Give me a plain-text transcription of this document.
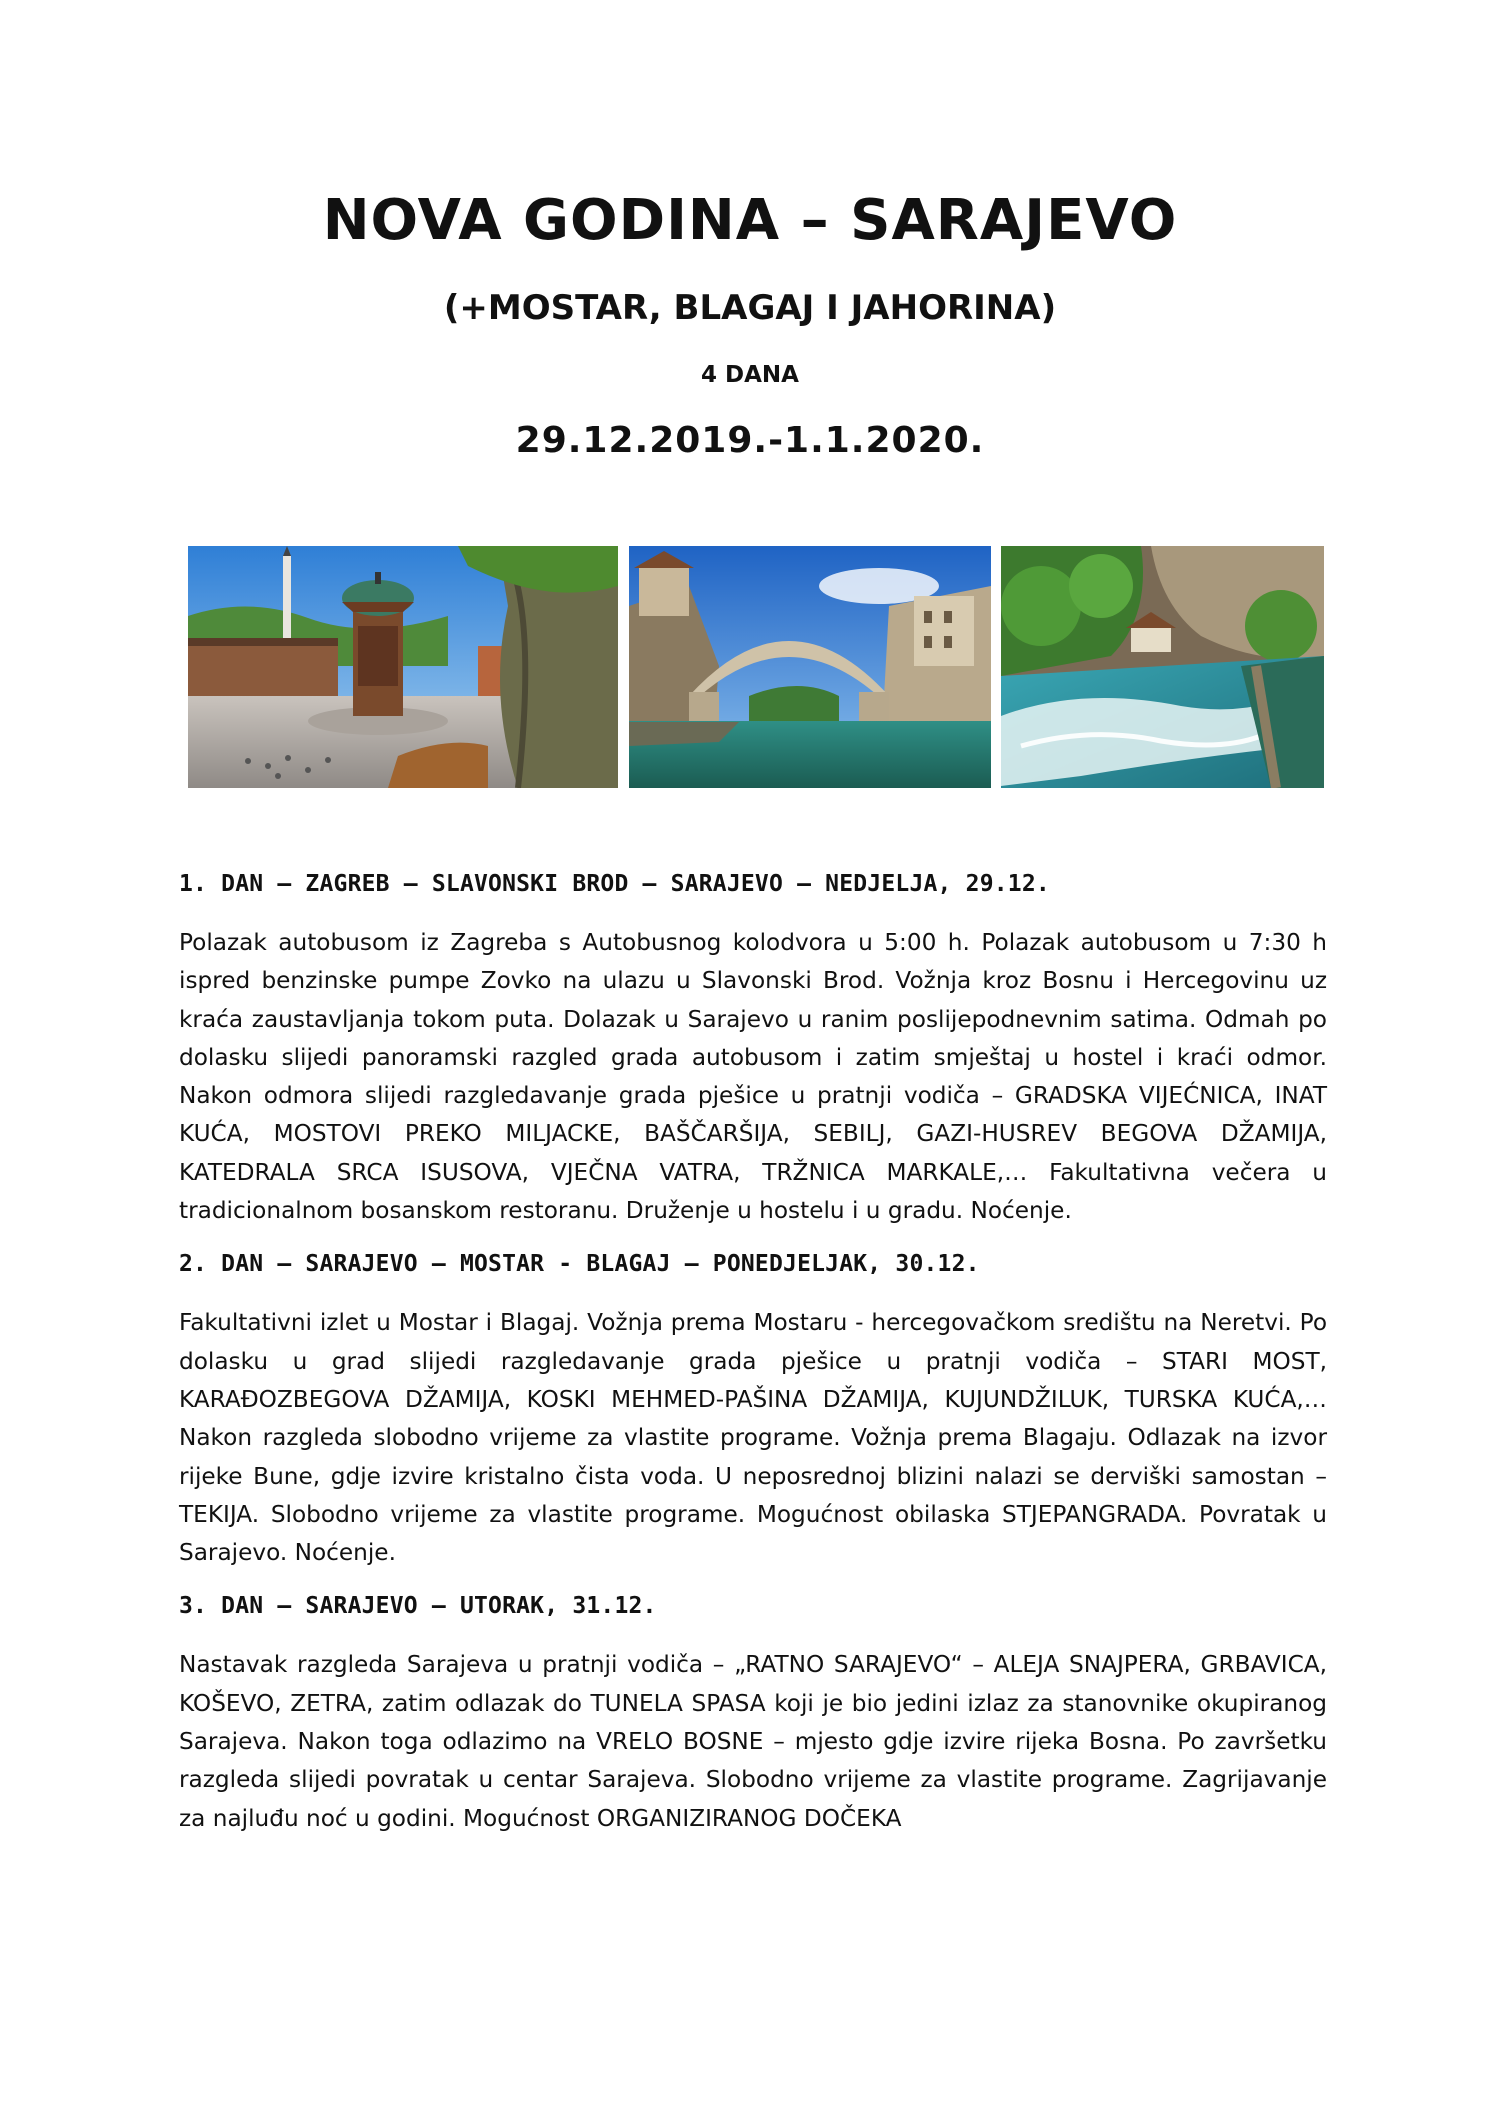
NOVA GODINA – SARAJEVO
(+MOSTAR, BLAGAJ I JAHORINA)
4 DANA
29.12.2019.-1.1.2020.
1. DAN – ZAGREB – SLAVONSKI BROD – SARAJEVO – NEDJELJA, 29.12.
Polazak autobusom iz Zagreba s Autobusnog kolodvora u 5:00 h. Polazak autobusom u 7:30 h ispred benzinske pumpe Zovko na ulazu u Slavonski Brod. Vožnja kroz Bosnu i Hercegovinu uz kraća zaustavljanja tokom puta. Dolazak u Sarajevo u ranim poslijepodnevnim satima. Odmah po dolasku slijedi panoramski razgled grada autobusom i zatim smještaj u hostel i kraći odmor. Nakon odmora slijedi razgledavanje grada pješice u pratnji vodiča – GRADSKA VIJEĆNICA, INAT KUĆA, MOSTOVI PREKO MILJACKE, BAŠČARŠIJA, SEBILJ, GAZI-HUSREV BEGOVA DŽAMIJA, KATEDRALA SRCA ISUSOVA, VJEČNA VATRA, TRŽNICA MARKALE,… Fakultativna večera u tradicionalnom bosanskom restoranu. Druženje u hostelu i u gradu. Noćenje.
2. DAN – SARAJEVO – MOSTAR - BLAGAJ – PONEDJELJAK, 30.12.
Fakultativni izlet u Mostar i Blagaj. Vožnja prema Mostaru - hercegovačkom središtu na Neretvi. Po dolasku u grad slijedi razgledavanje grada pješice u pratnji vodiča – STARI MOST, KARAĐOZBEGOVA DŽAMIJA, KOSKI MEHMED-PAŠINA DŽAMIJA, KUJUNDŽILUK, TURSKA KUĆA,… Nakon razgleda slobodno vrijeme za vlastite programe. Vožnja prema Blagaju. Odlazak na izvor rijeke Bune, gdje izvire kristalno čista voda. U neposrednoj blizini nalazi se derviški samostan – TEKIJA. Slobodno vrijeme za vlastite programe. Mogućnost obilaska STJEPANGRADA. Povratak u Sarajevo. Noćenje.
3. DAN – SARAJEVO – UTORAK, 31.12.
Nastavak razgleda Sarajeva u pratnji vodiča – „RATNO SARAJEVO“ – ALEJA SNAJPERA, GRBAVICA, KOŠEVO, ZETRA, zatim odlazak do TUNELA SPASA koji je bio jedini izlaz za stanovnike okupiranog Sarajeva. Nakon toga odlazimo na VRELO BOSNE – mjesto gdje izvire rijeka Bosna. Po završetku razgleda slijedi povratak u centar Sarajeva. Slobodno vrijeme za vlastite programe. Zagrijavanje za najluđu noć u godini. Mogućnost ORGANIZIRANOG DOČEKA
